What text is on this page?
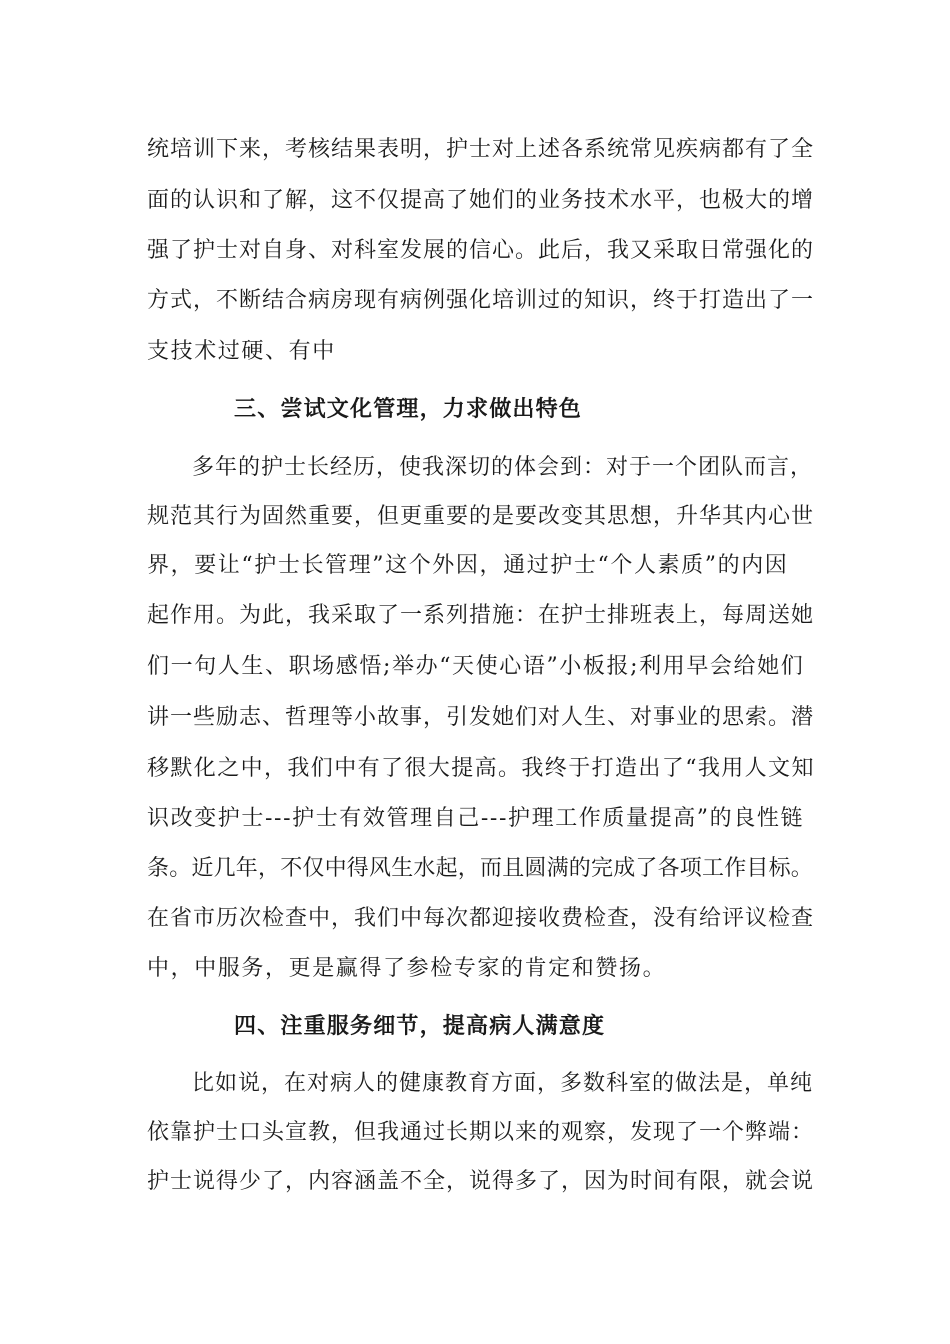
统培训下来，考核结果表明，护士对上述各系统常见疾病都有了全
面的认识和了解，这不仅提高了她们的业务技术水平，也极大的增
强了护士对自身、对科室发展的信心。此后，我又采取日常强化的
方式，不断结合病房现有病例强化培训过的知识，终于打造出了一
支技术过硬、有中
三、尝试文化管理，力求做出特色
多年的护士长经历，使我深切的体会到：对于一个团队而言，
规范其行为固然重要，但更重要的是要改变其思想，升华其内心世
界，要让“护士长管理”这个外因，通过护士“个人素质”的内因
起作用。为此，我采取了一系列措施：在护士排班表上，每周送她
们一句人生、职场感悟;举办“天使心语”小板报;利用早会给她们
讲一些励志、哲理等小故事，引发她们对人生、对事业的思索。潜
移默化之中，我们中有了很大提高。我终于打造出了“我用人文知
识改变护士---护士有效管理自己---护理工作质量提高”的良性链
条。近几年，不仅中得风生水起，而且圆满的完成了各项工作目标。
在省市历次检查中，我们中每次都迎接收费检查，没有给评议检查
中，中服务，更是赢得了参检专家的肯定和赞扬。
四、注重服务细节，提高病人满意度
比如说，在对病人的健康教育方面，多数科室的做法是，单纯
依靠护士口头宣教，但我通过长期以来的观察，发现了一个弊端：
护士说得少了，内容涵盖不全，说得多了，因为时间有限，就会说
